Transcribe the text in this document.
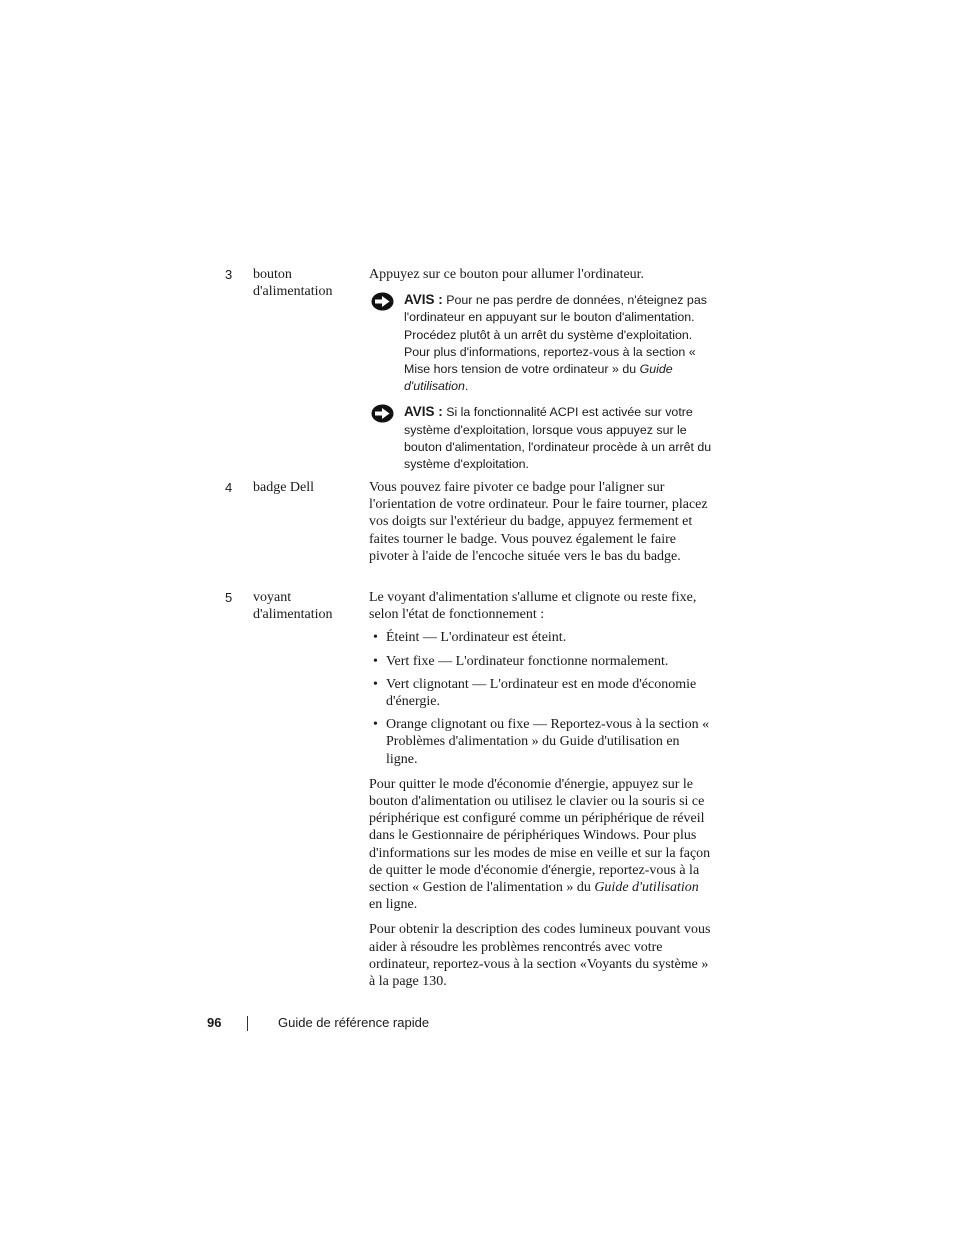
3 bouton d'alimentation

Appuyez sur ce bouton pour allumer l'ordinateur.

AVIS : Pour ne pas perdre de données, n'éteignez pas l'ordinateur en appuyant sur le bouton d'alimentation. Procédez plutôt à un arrêt du système d'exploitation. Pour plus d'informations, reportez-vous à la section « Mise hors tension de votre ordinateur » du Guide d'utilisation.
AVIS : Si la fonctionnalité ACPI est activée sur votre système d'exploitation, lorsque vous appuyez sur le bouton d'alimentation, l'ordinateur procède à un arrêt du système d'exploitation.
4 badge Dell	Vous pouvez faire pivoter ce badge pour l'aligner sur l'orientation de votre ordinateur. Pour le faire tourner, placez vos doigts sur l'extérieur du badge, appuyez fermement et faites tourner le badge. Vous pouvez également le faire pivoter à l'aide de l'encoche située vers le bas du badge.

5 voyant d'alimentation

Le voyant d'alimentation s'allume et clignote ou reste fixe, selon l'état de fonctionnement :

• Éteint — L'ordinateur est éteint.
• Vert fixe — L'ordinateur fonctionne normalement.
• Vert clignotant — L'ordinateur est en mode d'économie d'énergie.
• Orange clignotant ou fixe — Reportez-vous à la section « Problèmes d'alimentation » du Guide d'utilisation en ligne.

Pour quitter le mode d'économie d'énergie, appuyez sur le bouton d'alimentation ou utilisez le clavier ou la souris si ce périphérique est configuré comme un périphérique de réveil dans le Gestionnaire de périphériques Windows. Pour plus d'informations sur les modes de mise en veille et sur la façon de quitter le mode d'économie d'énergie, reportez-vous à la section « Gestion de l'alimentation » du Guide d'utilisation en ligne.

Pour obtenir la description des codes lumineux pouvant vous aider à résoudre les problèmes rencontrés avec votre ordinateur, reportez-vous à la section «Voyants du système » à la page 130.

96	Guide de référence rapide
